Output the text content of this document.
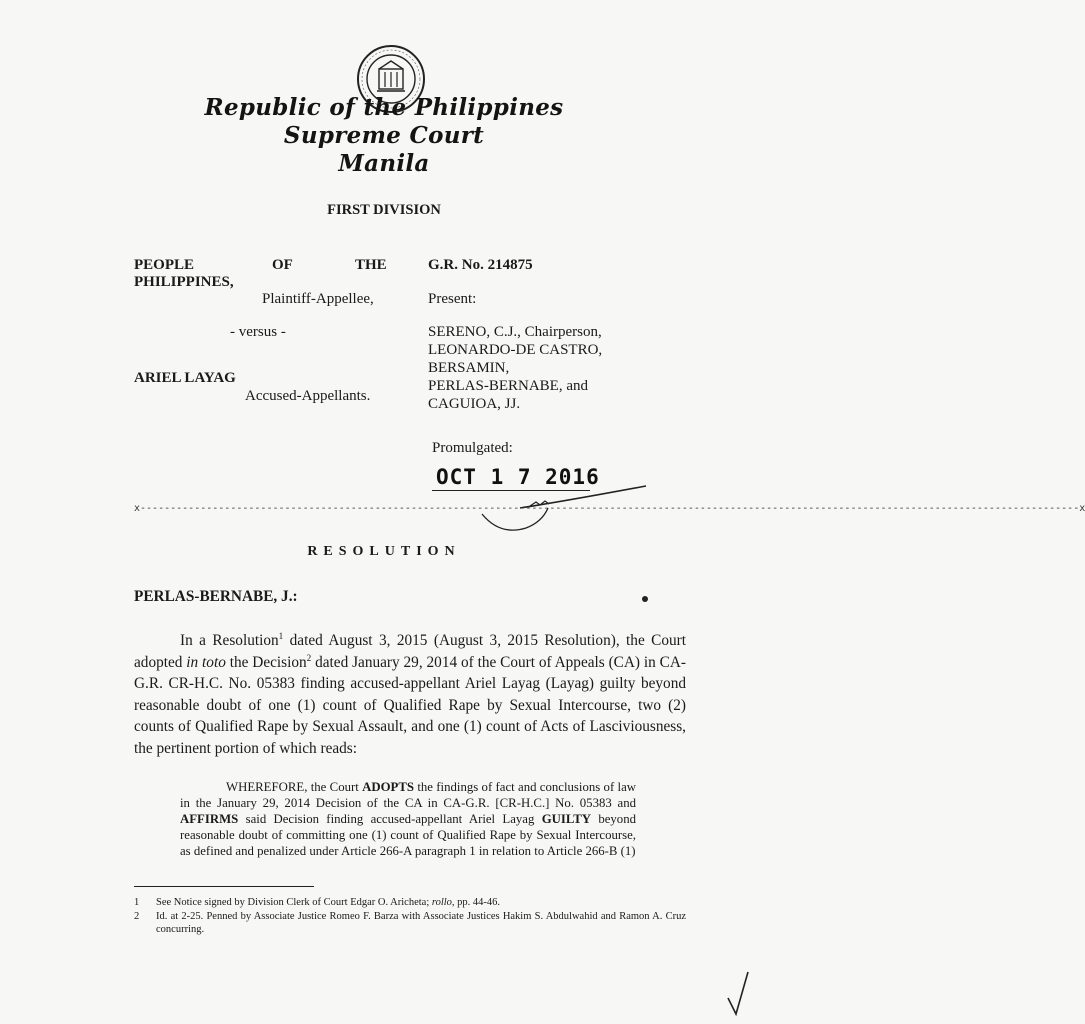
Republic of the Philippines
Supreme Court
Manila
FIRST DIVISION
PEOPLE	OF	THE
PHILIPPINES,
Plaintiff-Appellee,
- versus -
ARIEL LAYAG
Accused-Appellants.
G.R. No. 214875
Present:
SERENO, C.J., Chairperson,
LEONARDO-DE CASTRO,
BERSAMIN,
PERLAS-BERNABE, and
CAGUIOA, JJ.
Promulgated:
OCT 1 7 2016
x------------------------------------------------------------------------------------------------------------------------------------------------------------x
RESOLUTION
PERLAS-BERNABE, J.:
In a Resolution$^1$ dated August 3, 2015 (August 3, 2015 Resolution), the Court adopted in toto the Decision$^2$ dated January 29, 2014 of the Court of Appeals (CA) in CA-G.R. CR-H.C. No. 05383 finding accused-appellant Ariel Layag (Layag) guilty beyond reasonable doubt of one (1) count of Qualified Rape by Sexual Intercourse, two (2) counts of Qualified Rape by Sexual Assault, and one (1) count of Acts of Lasciviousness, the pertinent portion of which reads:
WHEREFORE, the Court ADOPTS the findings of fact and conclusions of law in the January 29, 2014 Decision of the CA in CA-G.R. [CR-H.C.] No. 05383 and AFFIRMS said Decision finding accused-appellant Ariel Layag GUILTY beyond reasonable doubt of committing one (1) count of Qualified Rape by Sexual Intercourse, as defined and penalized under Article 266-A paragraph 1 in relation to Article 266-B (1)
1 See Notice signed by Division Clerk of Court Edgar O. Aricheta; rollo, pp. 44-46.
2 Id. at 2-25. Penned by Associate Justice Romeo F. Barza with Associate Justices Hakim S. Abdulwahid and Ramon A. Cruz concurring.
